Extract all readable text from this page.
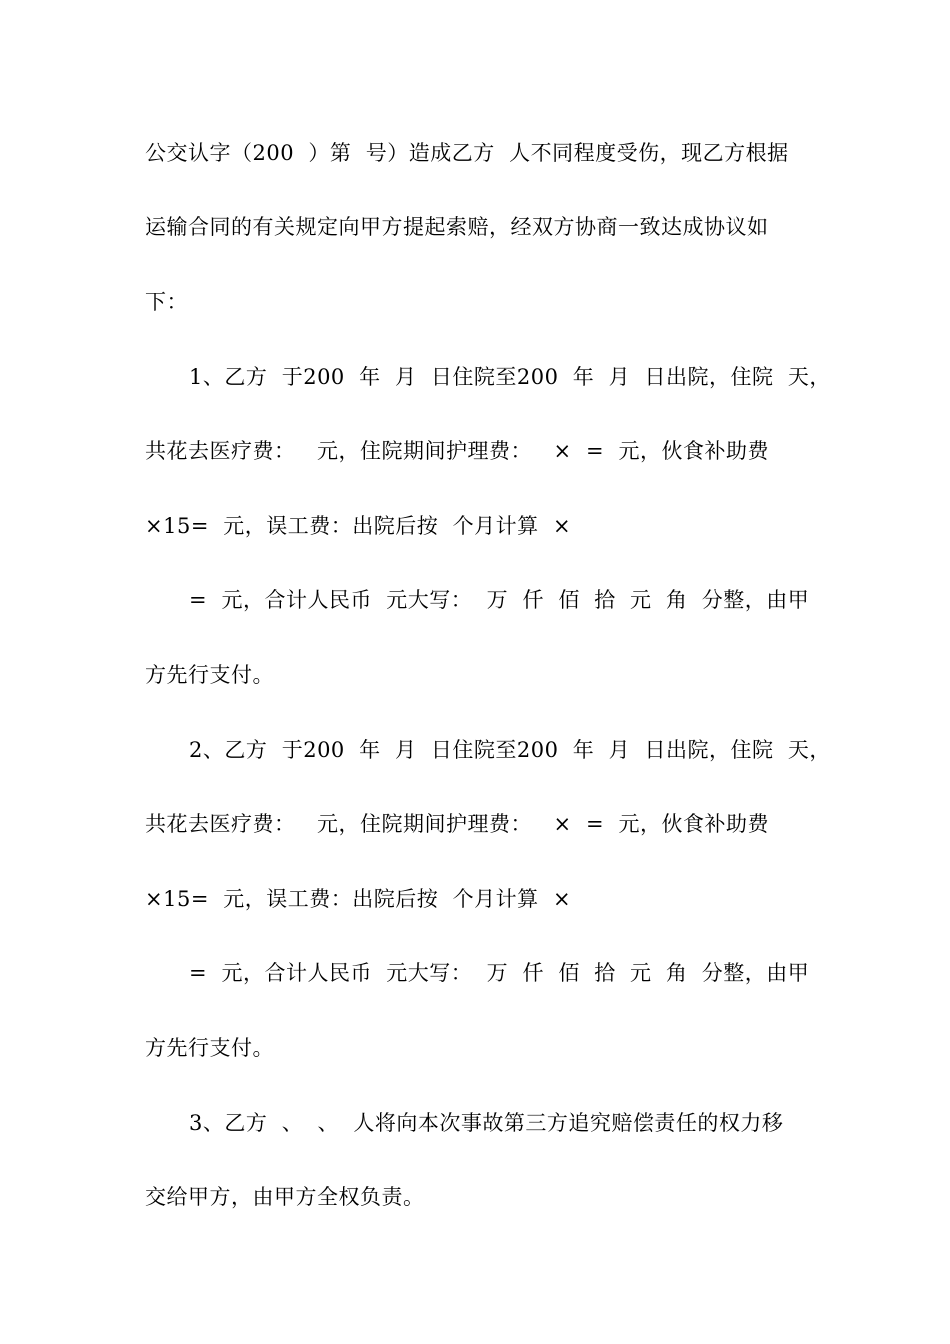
公交认字（200  ）第  号）造成乙方  人不同程度受伤，现乙方根据
运输合同的有关规定向甲方提起索赔，经双方协商一致达成协议如
下：
1、乙方  于200  年  月  日住院至200  年  月  日出院，住院  天，
共花去医疗费：   元，住院期间护理费：   ×  =  元，伙食补助费
×15=  元，误工费：出院后按  个月计算  ×
=  元，合计人民币  元大写：  万  仟  佰  拾  元  角  分整，由甲
方先行支付。
2、乙方  于200  年  月  日住院至200  年  月  日出院，住院  天，
共花去医疗费：   元，住院期间护理费：   ×  =  元，伙食补助费
×15=  元，误工费：出院后按  个月计算  ×
=  元，合计人民币  元大写：  万  仟  佰  拾  元  角  分整，由甲
方先行支付。
3、乙方  、  、  人将向本次事故第三方追究赔偿责任的权力移
交给甲方，由甲方全权负责。
